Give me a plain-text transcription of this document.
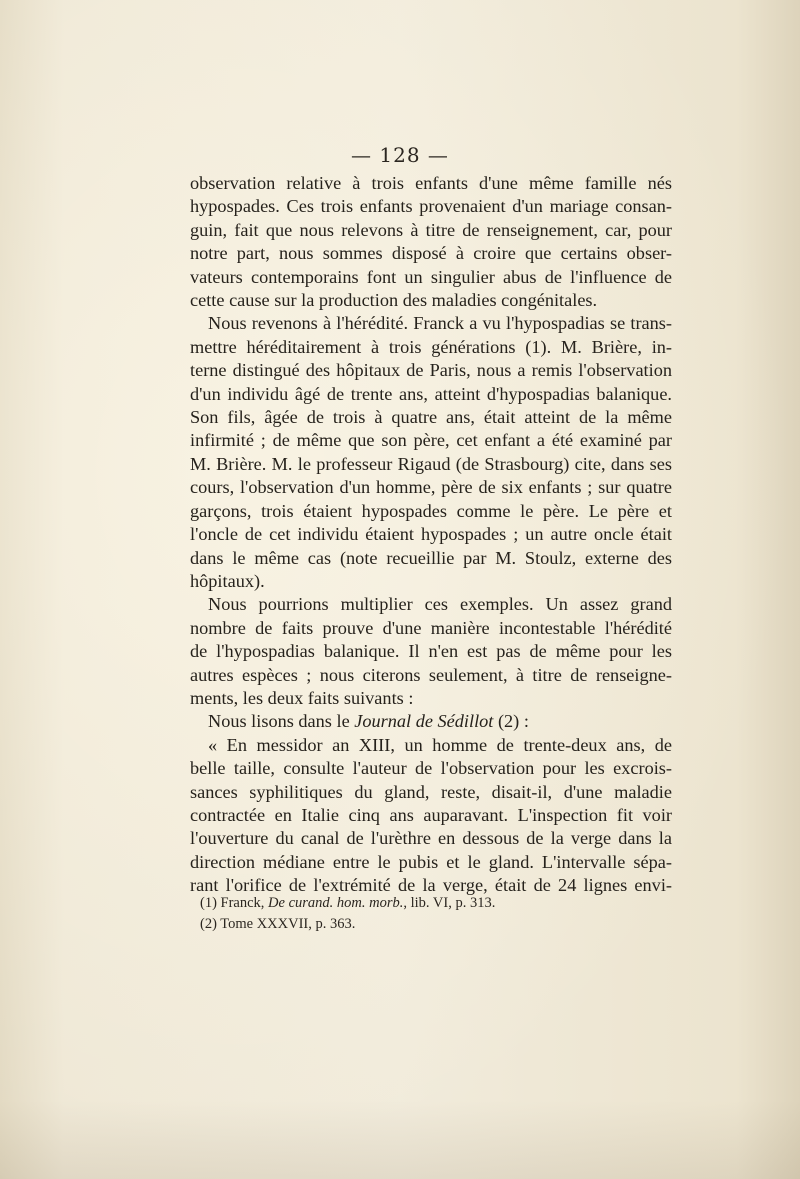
— 128 —
observation relative à trois enfants d'une même famille nés
hypospades. Ces trois enfants provenaient d'un mariage consan-
guin, fait que nous relevons à titre de renseignement, car, pour
notre part, nous sommes disposé à croire que certains obser-
vateurs contemporains font un singulier abus de l'influence de
cette cause sur la production des maladies congénitales.
Nous revenons à l'hérédité. Franck a vu l'hypospadias se trans-
mettre héréditairement à trois générations (1). M. Brière, in-
terne distingué des hôpitaux de Paris, nous a remis l'observation
d'un individu âgé de trente ans, atteint d'hypospadias balanique.
Son fils, âgée de trois à quatre ans, était atteint de la même
infirmité ; de même que son père, cet enfant a été examiné par
M. Brière. M. le professeur Rigaud (de Strasbourg) cite, dans ses
cours, l'observation d'un homme, père de six enfants ; sur quatre
garçons, trois étaient hypospades comme le père. Le père et
l'oncle de cet individu étaient hypospades ; un autre oncle était
dans le même cas (note recueillie par M. Stoulz, externe des
hôpitaux).
Nous pourrions multiplier ces exemples. Un assez grand
nombre de faits prouve d'une manière incontestable l'hérédité
de l'hypospadias balanique. Il n'en est pas de même pour les
autres espèces ; nous citerons seulement, à titre de renseigne-
ments, les deux faits suivants :
Nous lisons dans le Journal de Sédillot (2) :
« En messidor an XIII, un homme de trente-deux ans, de
belle taille, consulte l'auteur de l'observation pour les excrois-
sances syphilitiques du gland, reste, disait-il, d'une maladie
contractée en Italie cinq ans auparavant. L'inspection fit voir
l'ouverture du canal de l'urèthre en dessous de la verge dans la
direction médiane entre le pubis et le gland. L'intervalle sépa-
rant l'orifice de l'extrémité de la verge, était de 24 lignes envi-
(1) Franck, De curand. hom. morb., lib. VI, p. 313.
(2) Tome XXXVII, p. 363.
